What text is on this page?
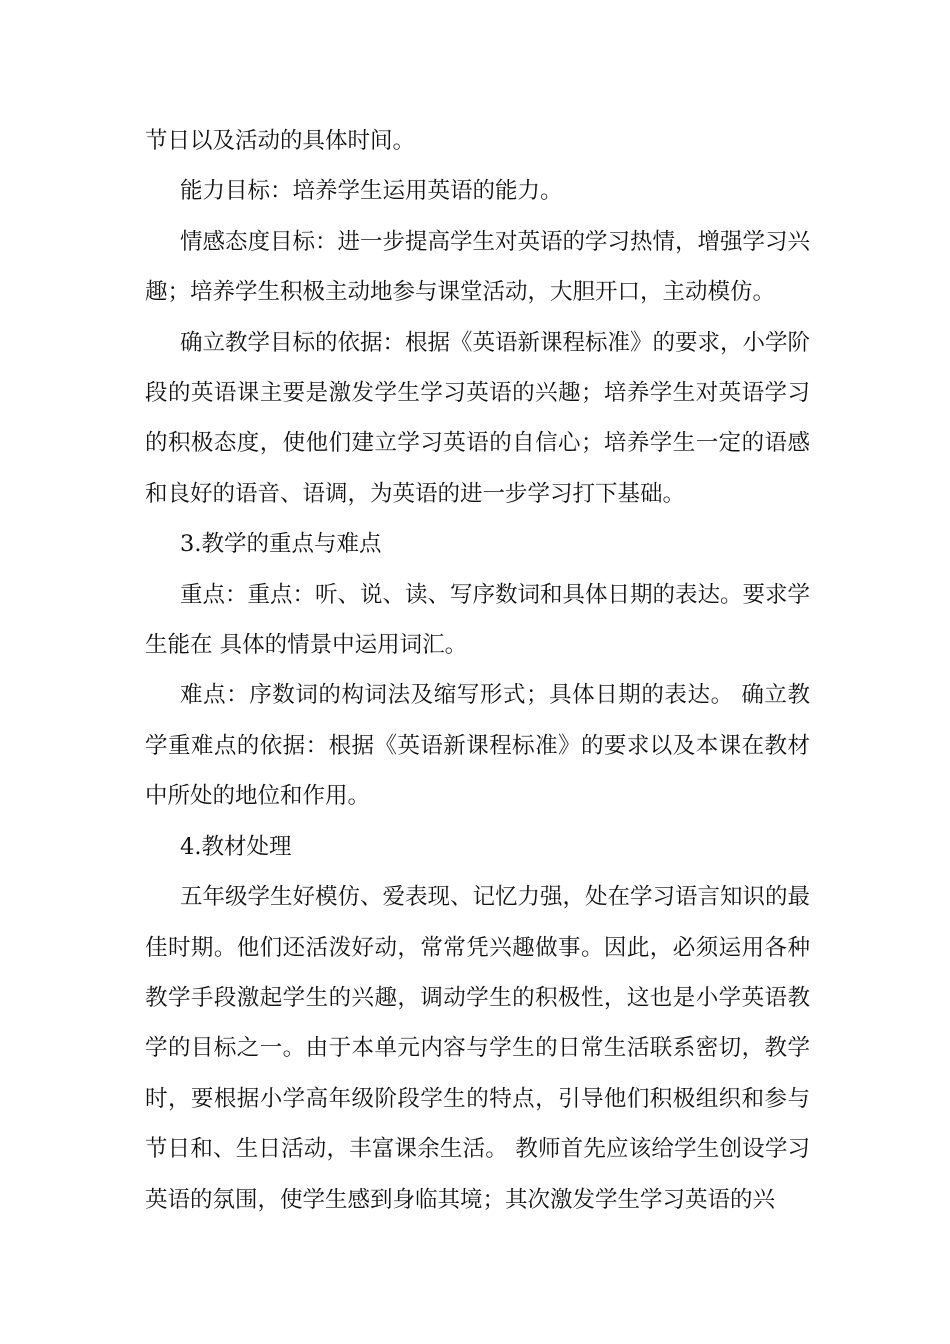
节日以及活动的具体时间。

能力目标：培养学生运用英语的能力。

情感态度目标：进一步提高学生对英语的学习热情，增强学习兴趣；培养学生积极主动地参与课堂活动，大胆开口，主动模仿。

确立教学目标的依据：根据《英语新课程标准》的要求，小学阶段的英语课主要是激发学生学习英语的兴趣；培养学生对英语学习的积极态度，使他们建立学习英语的自信心；培养学生一定的语感和良好的语音、语调，为英语的进一步学习打下基础。

3.教学的重点与难点

重点：重点：听、说、读、写序数词和具体日期的表达。要求学生能在 具体的情景中运用词汇。

难点：序数词的构词法及缩写形式；具体日期的表达。 确立教学重难点的依据：根据《英语新课程标准》的要求以及本课在教材中所处的地位和作用。

4.教材处理

五年级学生好模仿、爱表现、记忆力强，处在学习语言知识的最佳时期。他们还活泼好动，常常凭兴趣做事。因此，必须运用各种教学手段激起学生的兴趣，调动学生的积极性，这也是小学英语教学的目标之一。由于本单元内容与学生的日常生活联系密切，教学时，要根据小学高年级阶段学生的特点，引导他们积极组织和参与节日和、生日活动，丰富课余生活。 教师首先应该给学生创设学习英语的氛围，使学生感到身临其境；其次激发学生学习英语的兴
